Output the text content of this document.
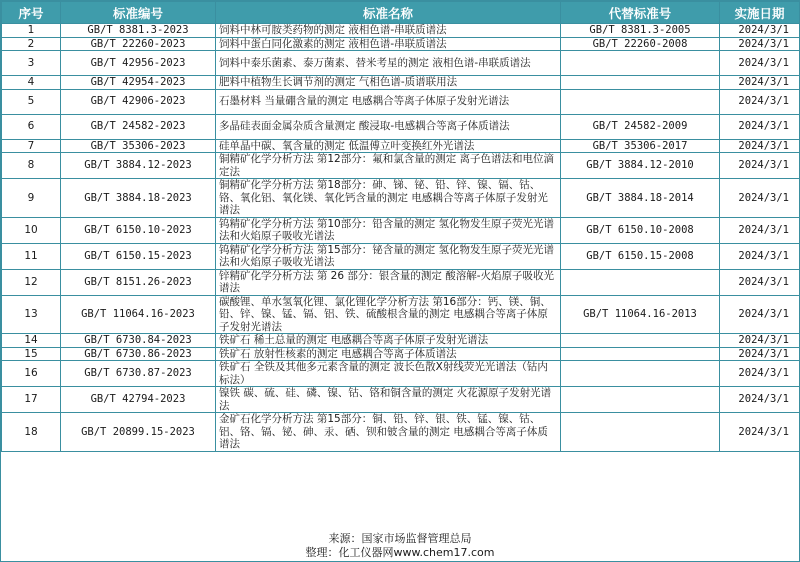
序号	标准编号	标准名称	代替标准号	实施日期
1	GB/T 8381.3-2023	饲料中林可胺类药物的测定 液相色谱-串联质谱法	GB/T 8381.3-2005	2024/3/1
2	GB/T 22260-2023	饲料中蛋白同化激素的测定 液相色谱-串联质谱法	GB/T 22260-2008	2024/3/1
3	GB/T 42956-2023	饲料中泰乐菌素、泰万菌素、替米考星的测定 液相色谱-串联质谱法		2024/3/1
4	GB/T 42954-2023	肥料中植物生长调节剂的测定 气相色谱-质谱联用法		2024/3/1
5	GB/T 42906-2023	石墨材料 当量硼含量的测定 电感耦合等离子体原子发射光谱法		2024/3/1
6	GB/T 24582-2023	多晶硅表面金属杂质含量测定 酸浸取-电感耦合等离子体质谱法	GB/T 24582-2009	2024/3/1
7	GB/T 35306-2023	硅单晶中碳、氧含量的测定 低温傅立叶变换红外光谱法	GB/T 35306-2017	2024/3/1
8	GB/T 3884.12-2023	铜精矿化学分析方法 第12部分：氟和氯含量的测定 离子色谱法和电位滴定法	GB/T 3884.12-2010	2024/3/1
9	GB/T 3884.18-2023	铜精矿化学分析方法 第18部分：砷、锑、铋、铅、锌、镍、镉、钴、铬、氧化铝、氧化镁、氧化钙含量的测定 电感耦合等离子体原子发射光谱法	GB/T 3884.18-2014	2024/3/1
10	GB/T 6150.10-2023	钨精矿化学分析方法 第10部分：铅含量的测定 氢化物发生原子荧光光谱法和火焰原子吸收光谱法	GB/T 6150.10-2008	2024/3/1
11	GB/T 6150.15-2023	钨精矿化学分析方法 第15部分：铋含量的测定 氢化物发生原子荧光光谱法和火焰原子吸收光谱法	GB/T 6150.15-2008	2024/3/1
12	GB/T 8151.26-2023	锌精矿化学分析方法 第 26 部分：银含量的测定 酸溶解-火焰原子吸收光谱法		2024/3/1
13	GB/T 11064.16-2023	碳酸锂、单水氢氧化锂、氯化锂化学分析方法 第16部分：钙、镁、铜、铅、锌、镍、锰、镉、铝、铁、硫酸根含量的测定 电感耦合等离子体原子发射光谱法	GB/T 11064.16-2013	2024/3/1
14	GB/T 6730.84-2023	铁矿石 稀土总量的测定 电感耦合等离子体原子发射光谱法		2024/3/1
15	GB/T 6730.86-2023	铁矿石 放射性核素的测定 电感耦合等离子体质谱法		2024/3/1
16	GB/T 6730.87-2023	铁矿石 全铁及其他多元素含量的测定 波长色散X射线荧光光谱法（钴内标法）		2024/3/1
17	GB/T 42794-2023	镍铁 碳、硫、硅、磷、镍、钴、铬和铜含量的测定 火花源原子发射光谱法		2024/3/1
18	GB/T 20899.15-2023	金矿石化学分析方法 第15部分：铜、铅、锌、银、铁、锰、镍、钴、铝、铬、镉、铋、砷、汞、硒、钡和铍含量的测定 电感耦合等离子体质谱法		2024/3/1
来源：国家市场监督管理总局
整理：化工仪器网www.chem17.com
